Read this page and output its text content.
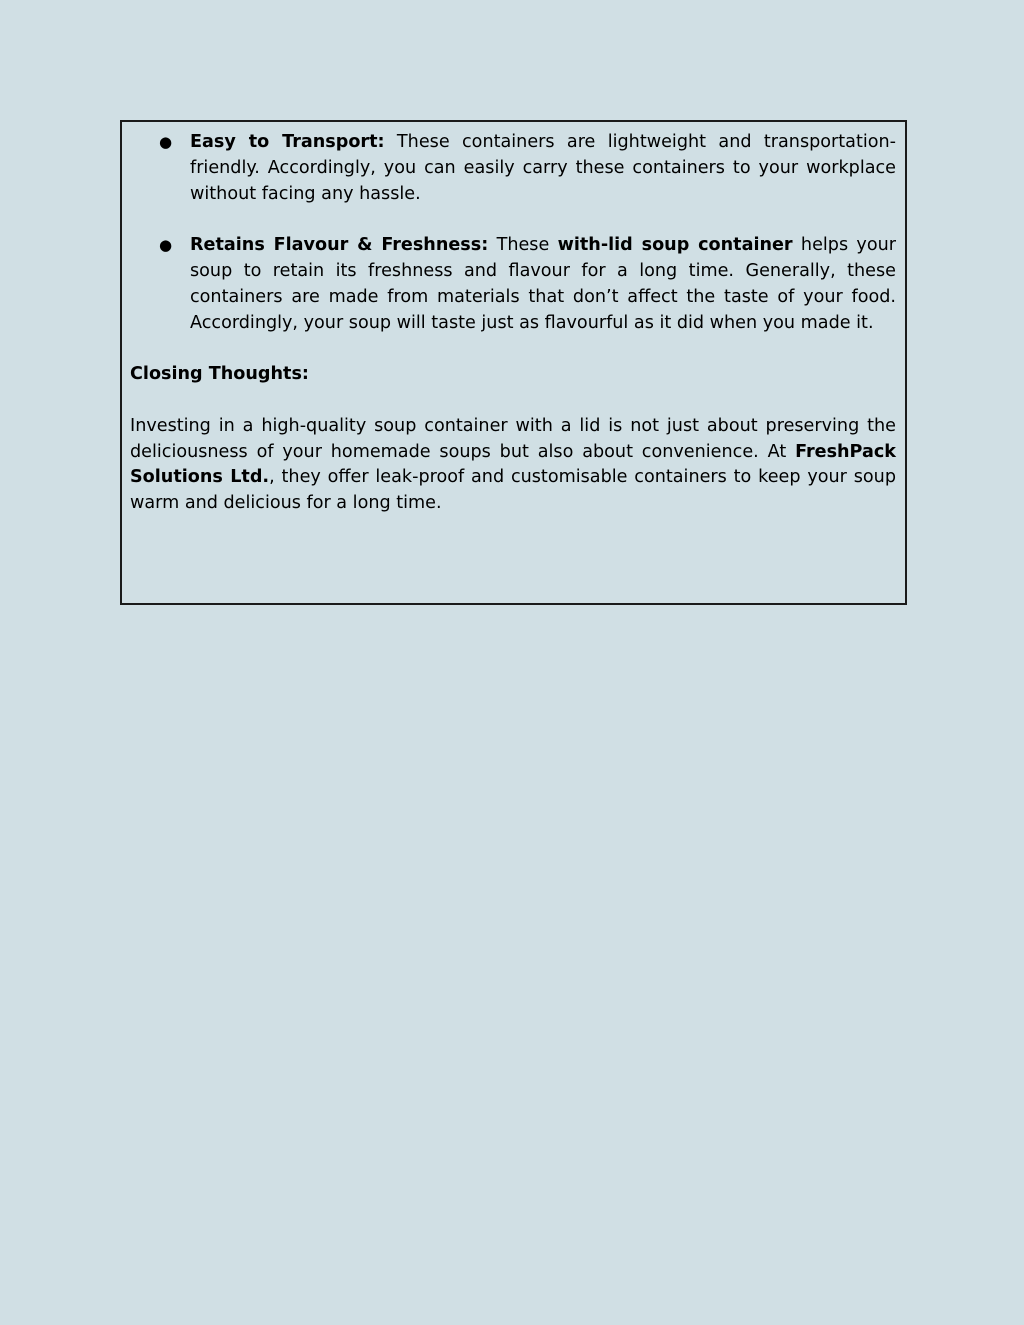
● Easy to Transport: These containers are lightweight and transportation-friendly. Accordingly, you can easily carry these containers to your workplace without facing any hassle.
● Retains Flavour & Freshness: These with-lid soup container helps your soup to retain its freshness and flavour for a long time. Generally, these containers are made from materials that don’t affect the taste of your food. Accordingly, your soup will taste just as flavourful as it did when you made it.
Closing Thoughts:

Investing in a high-quality soup container with a lid is not just about preserving the deliciousness of your homemade soups but also about convenience. At FreshPack Solutions Ltd., they offer leak-proof and customisable containers to keep your soup warm and delicious for a long time.
